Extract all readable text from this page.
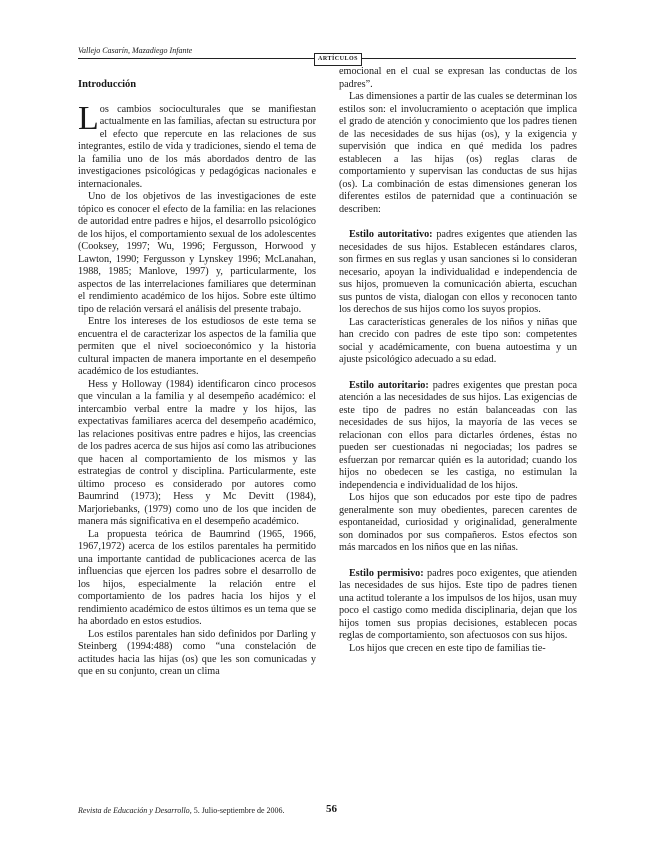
Vallejo Casarín, Mazadiego Infante
ARTÍCULOS
Introducción

Los cambios socioculturales que se manifiestan actualmente en las familias, afectan su estructura por el efecto que repercute en las relaciones de sus integrantes, estilo de vida y tradiciones, siendo el tema de la familia uno de los más abordados dentro de las investigaciones psicológicas y pedagógicas nacionales e internacionales.

Uno de los objetivos de las investigaciones de este tópico es conocer el efecto de la familia: en las relaciones de autoridad entre padres e hijos, el desarrollo psicológico de los hijos, el comportamiento sexual de los adolescentes (Cooksey, 1997; Wu, 1996; Fergusson, Horwood y Lawton, 1990; Fergusson y Lynskey 1996; McLanahan, 1988, 1985; Manlove, 1997) y, particularmente, los aspectos de las interrelaciones familiares que determinan el rendimiento académico de los hijos. Sobre este último tipo de relación versará el análisis del presente trabajo.

Entre los intereses de los estudiosos de este tema se encuentra el de caracterizar los aspectos de la familia que permiten que el nivel socioeconómico y la historia cultural impacten de manera importante en el desempeño académico de los estudiantes.

Hess y Holloway (1984) identificaron cinco procesos que vinculan a la familia y al desempeño académico: el intercambio verbal entre la madre y los hijos, las expectativas familiares acerca del desempeño académico, las relaciones positivas entre padres e hijos, las creencias de los padres acerca de sus hijos así como las atribuciones que hacen al comportamiento de los mismos y las estrategias de control y disciplina. Particularmente, este último proceso es considerado por autores como Baumrind (1973); Hess y Mc Devitt (1984), Marjoriebanks, (1979) como uno de los que inciden de manera más significativa en el desempeño académico.

La propuesta teórica de Baumrind (1965, 1966, 1967,1972) acerca de los estilos parentales ha permitido una importante cantidad de publicaciones acerca de las influencias que ejercen los padres sobre el desarrollo de los hijos, especialmente la relación entre el comportamiento de los padres hacia los hijos y el rendimiento académico de estos últimos es un tema que se ha abordado en estos estudios.

Los estilos parentales han sido definidos por Darling y Steinberg (1994:488) como “una constelación de actitudes hacia las hijas (os) que les son comunicadas y que en su conjunto, crean un clima

emocional en el cual se expresan las conductas de los padres”.

Las dimensiones a partir de las cuales se determinan los estilos son: el involucramiento o aceptación que implica el grado de atención y conocimiento que los padres tienen de las necesidades de sus hijas (os), y la exigencia y supervisión que indica en qué medida los padres establecen a las hijas (os) reglas claras de comportamiento y supervisan las conductas de sus hijas (os). La combinación de estas dimensiones generan los diferentes estilos de paternidad que a continuación se describen:

Estilo autoritativo: padres exigentes que atienden las necesidades de sus hijos. Establecen estándares claros, son firmes en sus reglas y usan sanciones si lo consideran necesario, apoyan la individualidad e independencia de sus hijos, promueven la comunicación abierta, escuchan sus puntos de vista, dialogan con ellos y reconocen tanto los derechos de sus hijos como los suyos propios.

Las características generales de los niños y niñas que han crecido con padres de este tipo son: competentes social y académicamente, con buena autoestima y un ajuste psicológico adecuado a su edad.

Estilo autoritario: padres exigentes que prestan poca atención a las necesidades de sus hijos. Las exigencias de este tipo de padres no están balanceadas con las necesidades de sus hijos, la mayoría de las veces se relacionan con ellos para dictarles órdenes, éstas no pueden ser cuestionadas ni negociadas; los padres se esfuerzan por remarcar quién es la autoridad; cuando los hijos no obedecen se les castiga, no estimulan la independencia e individualidad de los hijos.

Los hijos que son educados por este tipo de padres generalmente son muy obedientes, parecen carentes de espontaneidad, curiosidad y originalidad, generalmente son dominados por sus compañeros. Estos efectos son más marcados en los niños que en las niñas.

Estilo permisivo: padres poco exigentes, que atienden las necesidades de sus hijos. Este tipo de padres tienen una actitud tolerante a los impulsos de los hijos, usan muy poco el castigo como medida disciplinaria, dejan que los hijos tomen sus propias decisiones, establecen pocas reglas de comportamiento, son afectuosos con sus hijos.

Los hijos que crecen en este tipo de familias tie-

Revista de Educación y Desarrollo, 5. Julio-septiembre de 2006.	56
